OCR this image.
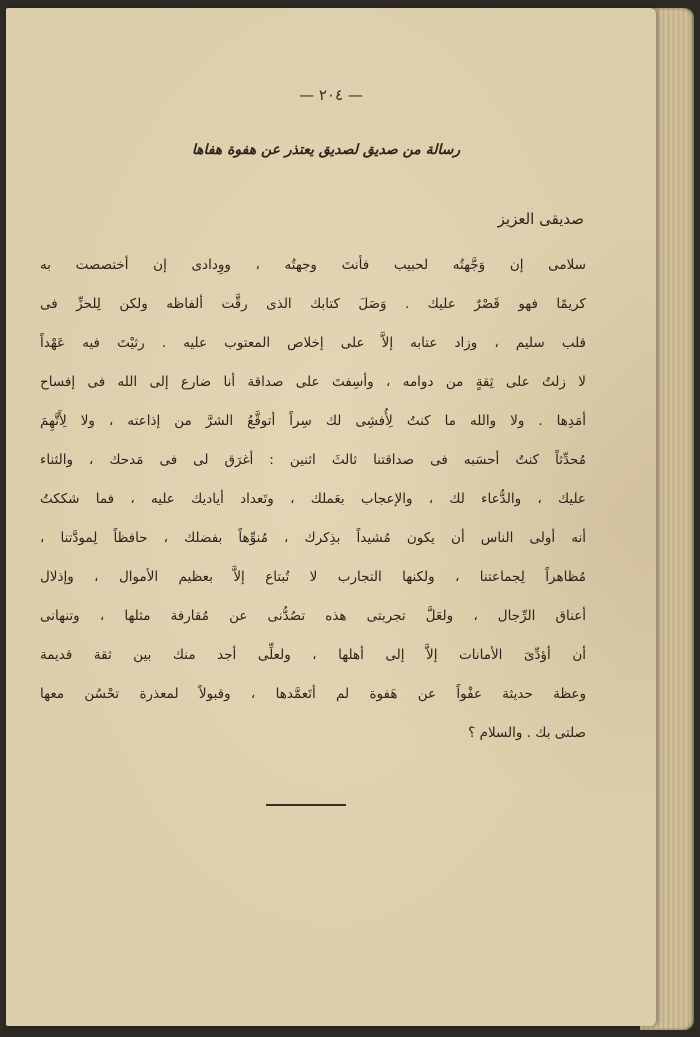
— ٢٠٤ —
رسالة من صديق لصديق يعتذر عن هفوة هفاها
صديقى العزيز
سلامى إن وَجَّهتُه لحبيب فأنتَ وجهتُه ، ووِدادى إن أختصصت به
كريمًا فهو قَصْرٌ عليك . وَصَلَ كتابك الذى رقَّت ألفاظه ولكن لِلحزِّ فى
قلب سليم ، وزاد عتابه إلاَّ على إخلاص المعتوب عليه . رثيْتَ فيه عَهْداً
لا زلتُ على ثِقةٍ من دوامه ، وأسِفتَ على صداقة أنا ضارع إلى الله فى إفساح
أمَدِها . ولا والله ما كنتُ لِأُفشِى لك سِراً أتوقَّعُ الشرَّ من إذاعته ، ولا لِأَتَّهِمَ
مُحدِّثاً كنتُ أحسَبه فى صداقتنا ثالثَ اثنين : أغرَق لى فى مَدحك ، والثناء
عليك ، والدُّعاء لك ، والإعجاب بعَملك ، وتَعداد أياديك عليه ، فما شككتُ
أنه أولى الناس أن يكون مُشيداً بذِكرك ، مُنوِّهاً بفضلك ، حافظاً لِمودَّتنا ،
مُظاهراً لِجماعتنا ، ولكنها التجارب لا تُبتاع إلاَّ بعظيم الأموال ، وإذلال
أعناق الرِّجال ، ولعَلَّ تجربتى هذه تصُدُّنى عن مُقارفة مثلها ، وتنهانى
أن أؤدِّىَ الأمانات إلاَّ إلى أهلها ، ولعلِّى أجد منك بين ثقة قديمة
وعظة حديثة عفْواً عن هَفوة لم أتَعمَّدها ، وقبولاً لمعذرة تحْسُن معها
صلتى بك . والسلام ؟
